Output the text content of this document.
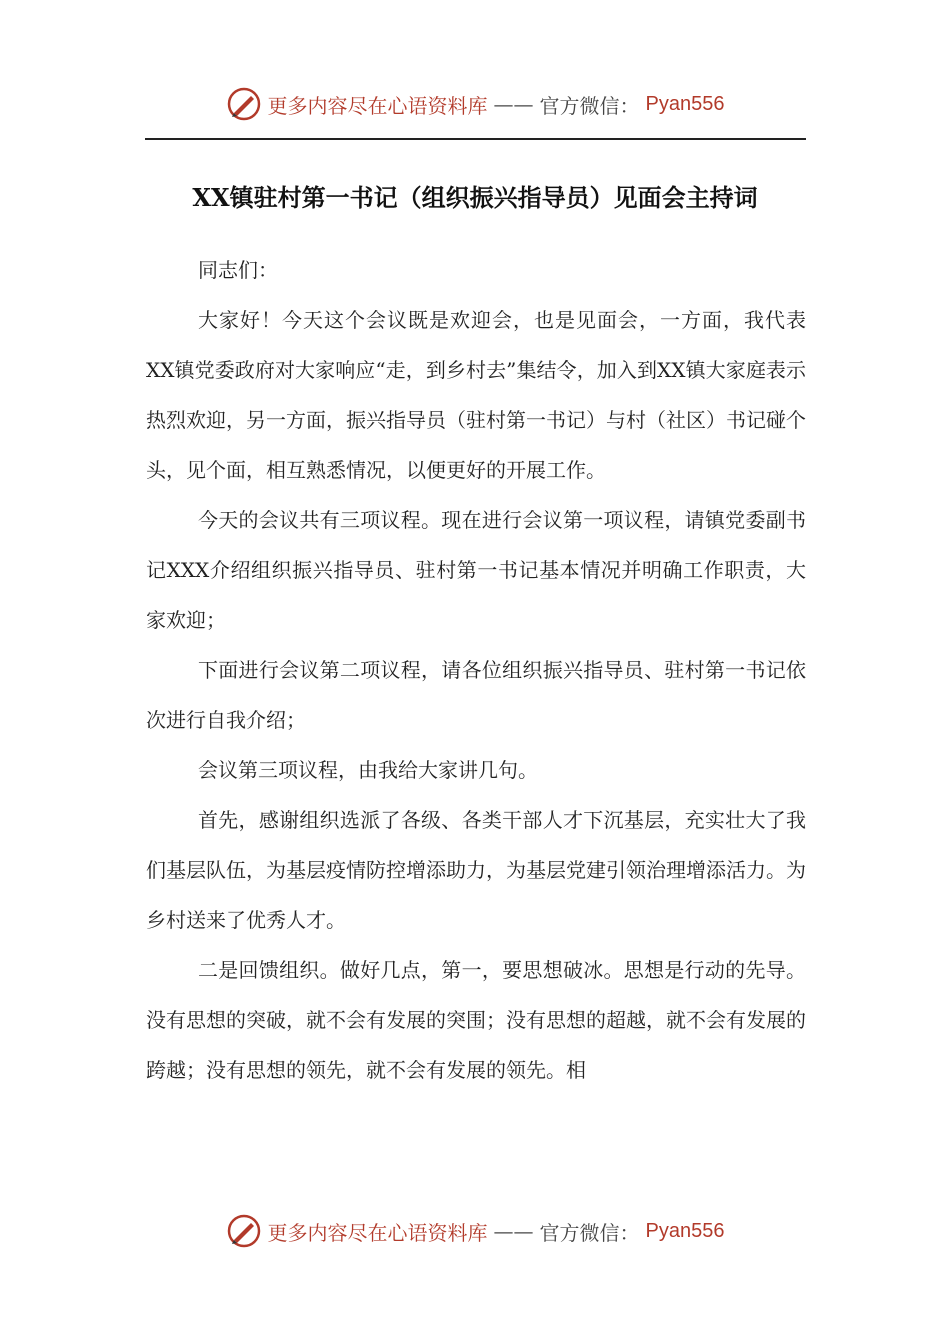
更多内容尽在心语资料库 —— 官方微信： Pyan556
XX镇驻村第一书记（组织振兴指导员）见面会主持词

同志们：

大家好！今天这个会议既是欢迎会，也是见面会，一方面，我代表XX镇党委政府对大家响应“走，到乡村去”集结令，加入到XX镇大家庭表示热烈欢迎，另一方面，振兴指导员（驻村第一书记）与村（社区）书记碰个头，见个面，相互熟悉情况，以便更好的开展工作。

今天的会议共有三项议程。现在进行会议第一项议程，请镇党委副书记XXX介绍组织振兴指导员、驻村第一书记基本情况并明确工作职责，大家欢迎；

下面进行会议第二项议程，请各位组织振兴指导员、驻村第一书记依次进行自我介绍；

会议第三项议程，由我给大家讲几句。

首先，感谢组织选派了各级、各类干部人才下沉基层，充实壮大了我们基层队伍，为基层疫情防控增添助力，为基层党建引领治理增添活力。为乡村送来了优秀人才。

二是回馈组织。做好几点，第一，要思想破冰。思想是行动的先导。没有思想的突破，就不会有发展的突围；没有思想的超越，就不会有发展的跨越；没有思想的领先，就不会有发展的领先。相

更多内容尽在心语资料库 —— 官方微信： Pyan556
